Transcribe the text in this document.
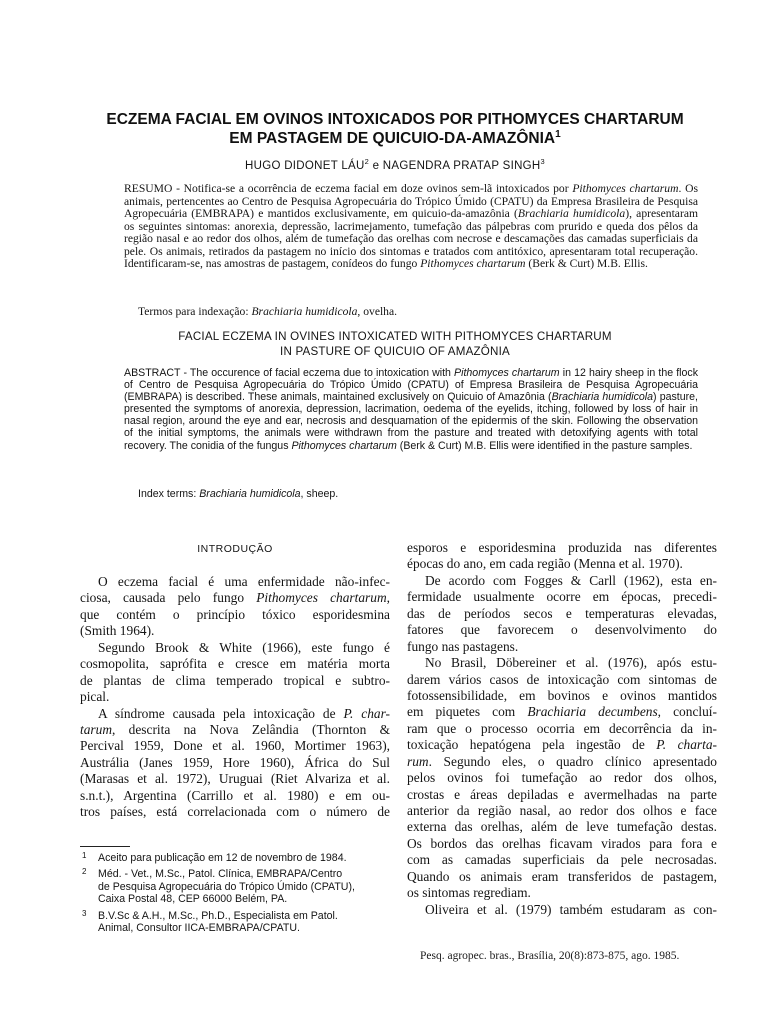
ECZEMA FACIAL EM OVINOS INTOXICADOS POR PITHOMYCES CHARTARUM
EM PASTAGEM DE QUICUIO-DA-AMAZÔNIA$^1$
HUGO DIDONET LÁU$^2$ e NAGENDRA PRATAP SINGH$^3$
RESUMO - Notifica-se a ocorrência de eczema facial em doze ovinos sem-lã intoxicados por Pithomyces chartarum. Os animais, pertencentes ao Centro de Pesquisa Agropecuária do Trópico Úmido (CPATU) da Empresa Brasileira de Pesquisa Agropecuária (EMBRAPA) e mantidos exclusivamente, em quicuio-da-amazônia (Brachiaria humidicola), apresentaram os seguintes sintomas: anorexia, depressão, lacrimejamento, tumefação das pálpebras com prurido e queda dos pêlos da região nasal e ao redor dos olhos, além de tumefação das orelhas com necrose e descamações das camadas superficiais da pele. Os animais, retirados da pastagem no início dos sintomas e tratados com antitóxico, apresentaram total recuperação. Identificaram-se, nas amostras de pastagem, conídeos do fungo Pithomyces chartarum (Berk & Curt) M.B. Ellis.
Termos para indexação: Brachiaria humidicola, ovelha.
FACIAL ECZEMA IN OVINES INTOXICATED WITH PITHOMYCES CHARTARUM
IN PASTURE OF QUICUIO OF AMAZÔNIA
ABSTRACT - The occurence of facial eczema due to intoxication with Pithomyces chartarum in 12 hairy sheep in the flock of Centro de Pesquisa Agropecuária do Trópico Úmido (CPATU) of Empresa Brasileira de Pesquisa Agropecuária (EMBRAPA) is described. These animals, maintained exclusively on Quicuio of Amazônia (Brachiaria humidicola) pasture, presented the symptoms of anorexia, depression, lacrimation, oedema of the eyelids, itching, followed by loss of hair in nasal region, around the eye and ear, necrosis and desquamation of the epidermis of the skin. Following the observation of the initial symptoms, the animals were withdrawn from the pasture and treated with detoxifying agents with total recovery. The conidia of the fungus Pithomyces chartarum (Berk & Curt) M.B. Ellis were identified in the pasture samples.
Index terms: Brachiaria humidicola, sheep.
INTRODUÇÃO
O eczema facial é uma enfermidade não-infec-
ciosa, causada pelo fungo Pithomyces chartarum,
que contém o princípio tóxico esporidesmina
(Smith 1964).
Segundo Brook & White (1966), este fungo é
cosmopolita, saprófita e cresce em matéria morta
de plantas de clima temperado tropical e subtro-
pical.
A síndrome causada pela intoxicação de P. char-
tarum, descrita na Nova Zelândia (Thornton &
Percival 1959, Done et al. 1960, Mortimer 1963),
Austrália (Janes 1959, Hore 1960), África do Sul
(Marasas et al. 1972), Uruguai (Riet Alvariza et al.
s.n.t.), Argentina (Carrillo et al. 1980) e em ou-
tros países, está correlacionada com o número de
esporos e esporidesmina produzida nas diferentes
épocas do ano, em cada região (Menna et al. 1970).
De acordo com Fogges & Carll (1962), esta en-
fermidade usualmente ocorre em épocas, precedi-
das de períodos secos e temperaturas elevadas,
fatores que favorecem o desenvolvimento do
fungo nas pastagens.
No Brasil, Döbereiner et al. (1976), após estu-
darem vários casos de intoxicação com sintomas de
fotossensibilidade, em bovinos e ovinos mantidos
em piquetes com Brachiaria decumbens, concluí-
ram que o processo ocorria em decorrência da in-
toxicação hepatógena pela ingestão de P. charta-
rum. Segundo eles, o quadro clínico apresentado
pelos ovinos foi tumefação ao redor dos olhos,
crostas e áreas depiladas e avermelhadas na parte
anterior da região nasal, ao redor dos olhos e face
externa das orelhas, além de leve tumefação destas.
Os bordos das orelhas ficavam virados para fora e
com as camadas superficiais da pele necrosadas.
Quando os animais eram transferidos de pastagem,
os sintomas regrediam.
Oliveira et al. (1979) também estudaram as con-
1 Aceito para publicação em 12 de novembro de 1984.
2 Méd. - Vet., M.Sc., Patol. Clínica, EMBRAPA/Centro
de Pesquisa Agropecuária do Trópico Úmido (CPATU),
Caixa Postal 48, CEP 66000 Belém, PA.
3 B.V.Sc & A.H., M.Sc., Ph.D., Especialista em Patol.
Animal, Consultor IICA-EMBRAPA/CPATU.
Pesq. agropec. bras., Brasília, 20(8):873-875, ago. 1985.
